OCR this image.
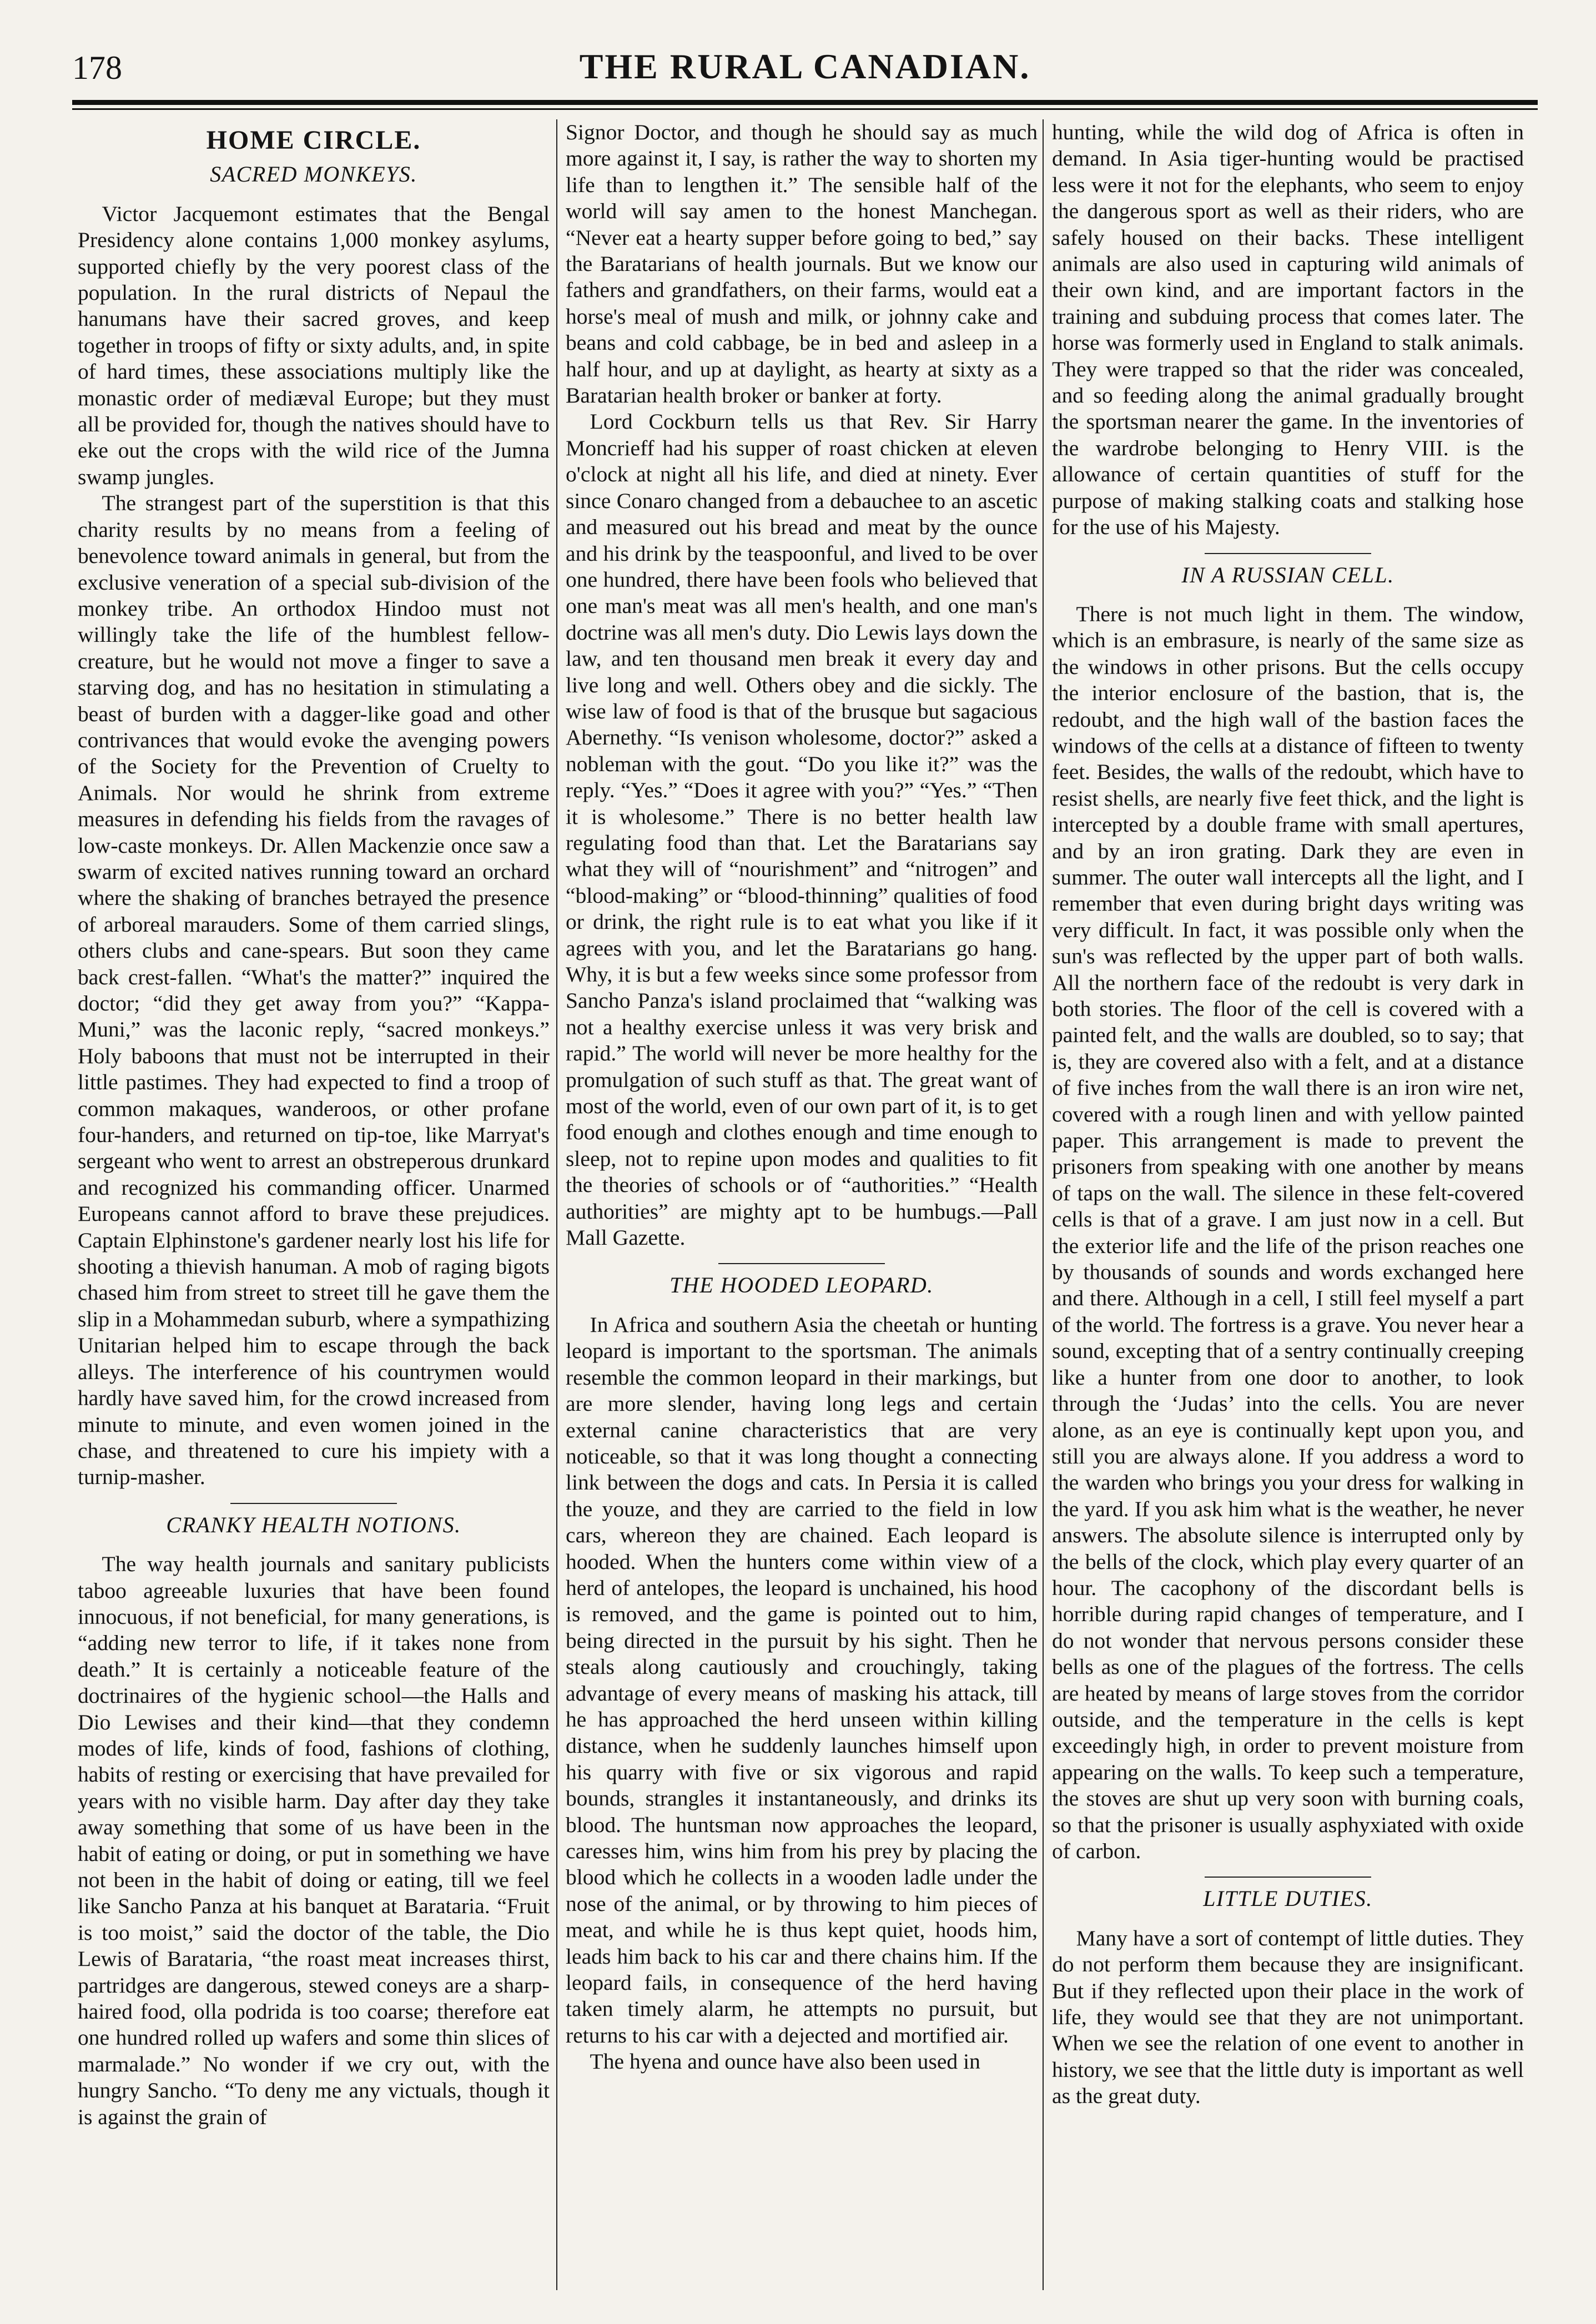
178	THE RURAL CANADIAN.
HOME CIRCLE.
SACRED MONKEYS.

Victor Jacquemont estimates that the Bengal Presidency alone contains 1,000 monkey asylums, supported chiefly by the very poorest class of the population. In the rural districts of Nepaul the hanumans have their sacred groves, and keep together in troops of fifty or sixty adults, and, in spite of hard times, these associations multiply like the monastic order of mediæval Europe; but they must all be provided for, though the natives should have to eke out the crops with the wild rice of the Jumna swamp jungles.

The strangest part of the superstition is that this charity results by no means from a feeling of benevolence toward animals in general, but from the exclusive veneration of a special sub-division of the monkey tribe. An orthodox Hindoo must not willingly take the life of the humblest fellow-creature, but he would not move a finger to save a starving dog, and has no hesitation in stimulating a beast of burden with a dagger-like goad and other contrivances that would evoke the avenging powers of the Society for the Prevention of Cruelty to Animals. Nor would he shrink from extreme measures in defending his fields from the ravages of low-caste monkeys. Dr. Allen Mackenzie once saw a swarm of excited natives running toward an orchard where the shaking of branches betrayed the presence of arboreal marauders. Some of them carried slings, others clubs and cane-spears. But soon they came back crest-fallen. “What's the matter?” inquired the doctor; “did they get away from you?” “Kappa-Muni,” was the laconic reply, “sacred monkeys.” Holy baboons that must not be interrupted in their little pastimes. They had expected to find a troop of common makaques, wanderoos, or other profane four-handers, and returned on tip-toe, like Marryat's sergeant who went to arrest an obstreperous drunkard and recognized his commanding officer. Unarmed Europeans cannot afford to brave these prejudices. Captain Elphinstone's gardener nearly lost his life for shooting a thievish hanuman. A mob of raging bigots chased him from street to street till he gave them the slip in a Mohammedan suburb, where a sympathizing Unitarian helped him to escape through the back alleys. The interference of his countrymen would hardly have saved him, for the crowd increased from minute to minute, and even women joined in the chase, and threatened to cure his impiety with a turnip-masher.

CRANKY HEALTH NOTIONS.

The way health journals and sanitary publicists taboo agreeable luxuries that have been found innocuous, if not beneficial, for many generations, is “adding new terror to life, if it takes none from death.” It is certainly a noticeable feature of the doctrinaires of the hygienic school—the Halls and Dio Lewises and their kind—that they condemn modes of life, kinds of food, fashions of clothing, habits of resting or exercising that have prevailed for years with no visible harm. Day after day they take away something that some of us have been in the habit of eating or doing, or put in something we have not been in the habit of doing or eating, till we feel like Sancho Panza at his banquet at Barataria. “Fruit is too moist,” said the doctor of the table, the Dio Lewis of Barataria, “the roast meat increases thirst, partridges are dangerous, stewed coneys are a sharp-haired food, olla podrida is too coarse; therefore eat one hundred rolled up wafers and some thin slices of marmalade.” No wonder if we cry out, with the hungry Sancho. “To deny me any victuals, though it is against the grain of

Signor Doctor, and though he should say as much more against it, I say, is rather the way to shorten my life than to lengthen it.” The sensible half of the world will say amen to the honest Manchegan. “Never eat a hearty supper before going to bed,” say the Baratarians of health journals. But we know our fathers and grandfathers, on their farms, would eat a horse's meal of mush and milk, or johnny cake and beans and cold cabbage, be in bed and asleep in a half hour, and up at daylight, as hearty at sixty as a Baratarian health broker or banker at forty.

Lord Cockburn tells us that Rev. Sir Harry Moncrieff had his supper of roast chicken at eleven o'clock at night all his life, and died at ninety. Ever since Conaro changed from a debauchee to an ascetic and measured out his bread and meat by the ounce and his drink by the teaspoonful, and lived to be over one hundred, there have been fools who believed that one man's meat was all men's health, and one man's doctrine was all men's duty. Dio Lewis lays down the law, and ten thousand men break it every day and live long and well. Others obey and die sickly. The wise law of food is that of the brusque but sagacious Abernethy. “Is venison wholesome, doctor?” asked a nobleman with the gout. “Do you like it?” was the reply. “Yes.” “Does it agree with you?” “Yes.” “Then it is wholesome.” There is no better health law regulating food than that. Let the Baratarians say what they will of “nourishment” and “nitrogen” and “blood-making” or “blood-thinning” qualities of food or drink, the right rule is to eat what you like if it agrees with you, and let the Baratarians go hang. Why, it is but a few weeks since some professor from Sancho Panza's island proclaimed that “walking was not a healthy exercise unless it was very brisk and rapid.” The world will never be more healthy for the promulgation of such stuff as that. The great want of most of the world, even of our own part of it, is to get food enough and clothes enough and time enough to sleep, not to repine upon modes and qualities to fit the theories of schools or of “authorities.” “Health authorities” are mighty apt to be humbugs.—Pall Mall Gazette.

THE HOODED LEOPARD.

In Africa and southern Asia the cheetah or hunting leopard is important to the sportsman. The animals resemble the common leopard in their markings, but are more slender, having long legs and certain external canine characteristics that are very noticeable, so that it was long thought a connecting link between the dogs and cats. In Persia it is called the youze, and they are carried to the field in low cars, whereon they are chained. Each leopard is hooded. When the hunters come within view of a herd of antelopes, the leopard is unchained, his hood is removed, and the game is pointed out to him, being directed in the pursuit by his sight. Then he steals along cautiously and crouchingly, taking advantage of every means of masking his attack, till he has approached the herd unseen within killing distance, when he suddenly launches himself upon his quarry with five or six vigorous and rapid bounds, strangles it instantaneously, and drinks its blood. The huntsman now approaches the leopard, caresses him, wins him from his prey by placing the blood which he collects in a wooden ladle under the nose of the animal, or by throwing to him pieces of meat, and while he is thus kept quiet, hoods him, leads him back to his car and there chains him. If the leopard fails, in consequence of the herd having taken timely alarm, he attempts no pursuit, but returns to his car with a dejected and mortified air.

The hyena and ounce have also been used in

hunting, while the wild dog of Africa is often in demand. In Asia tiger-hunting would be practised less were it not for the elephants, who seem to enjoy the dangerous sport as well as their riders, who are safely housed on their backs. These intelligent animals are also used in capturing wild animals of their own kind, and are important factors in the training and subduing process that comes later. The horse was formerly used in England to stalk animals. They were trapped so that the rider was concealed, and so feeding along the animal gradually brought the sportsman nearer the game. In the inventories of the wardrobe belonging to Henry VIII. is the allowance of certain quantities of stuff for the purpose of making stalking coats and stalking hose for the use of his Majesty.

IN A RUSSIAN CELL.

There is not much light in them. The window, which is an embrasure, is nearly of the same size as the windows in other prisons. But the cells occupy the interior enclosure of the bastion, that is, the redoubt, and the high wall of the bastion faces the windows of the cells at a distance of fifteen to twenty feet. Besides, the walls of the redoubt, which have to resist shells, are nearly five feet thick, and the light is intercepted by a double frame with small apertures, and by an iron grating. Dark they are even in summer. The outer wall intercepts all the light, and I remember that even during bright days writing was very difficult. In fact, it was possible only when the sun's was reflected by the upper part of both walls. All the northern face of the redoubt is very dark in both stories. The floor of the cell is covered with a painted felt, and the walls are doubled, so to say; that is, they are covered also with a felt, and at a distance of five inches from the wall there is an iron wire net, covered with a rough linen and with yellow painted paper. This arrangement is made to prevent the prisoners from speaking with one another by means of taps on the wall. The silence in these felt-covered cells is that of a grave. I am just now in a cell. But the exterior life and the life of the prison reaches one by thousands of sounds and words exchanged here and there. Although in a cell, I still feel myself a part of the world. The fortress is a grave. You never hear a sound, excepting that of a sentry continually creeping like a hunter from one door to another, to look through the ‘Judas’ into the cells. You are never alone, as an eye is continually kept upon you, and still you are always alone. If you address a word to the warden who brings you your dress for walking in the yard. If you ask him what is the weather, he never answers. The absolute silence is interrupted only by the bells of the clock, which play every quarter of an hour. The cacophony of the discordant bells is horrible during rapid changes of temperature, and I do not wonder that nervous persons consider these bells as one of the plagues of the fortress. The cells are heated by means of large stoves from the corridor outside, and the temperature in the cells is kept exceedingly high, in order to prevent moisture from appearing on the walls. To keep such a temperature, the stoves are shut up very soon with burning coals, so that the prisoner is usually asphyxiated with oxide of carbon.

LITTLE DUTIES.

Many have a sort of contempt of little duties. They do not perform them because they are insignificant. But if they reflected upon their place in the work of life, they would see that they are not unimportant. When we see the relation of one event to another in history, we see that the little duty is important as well as the great duty.
